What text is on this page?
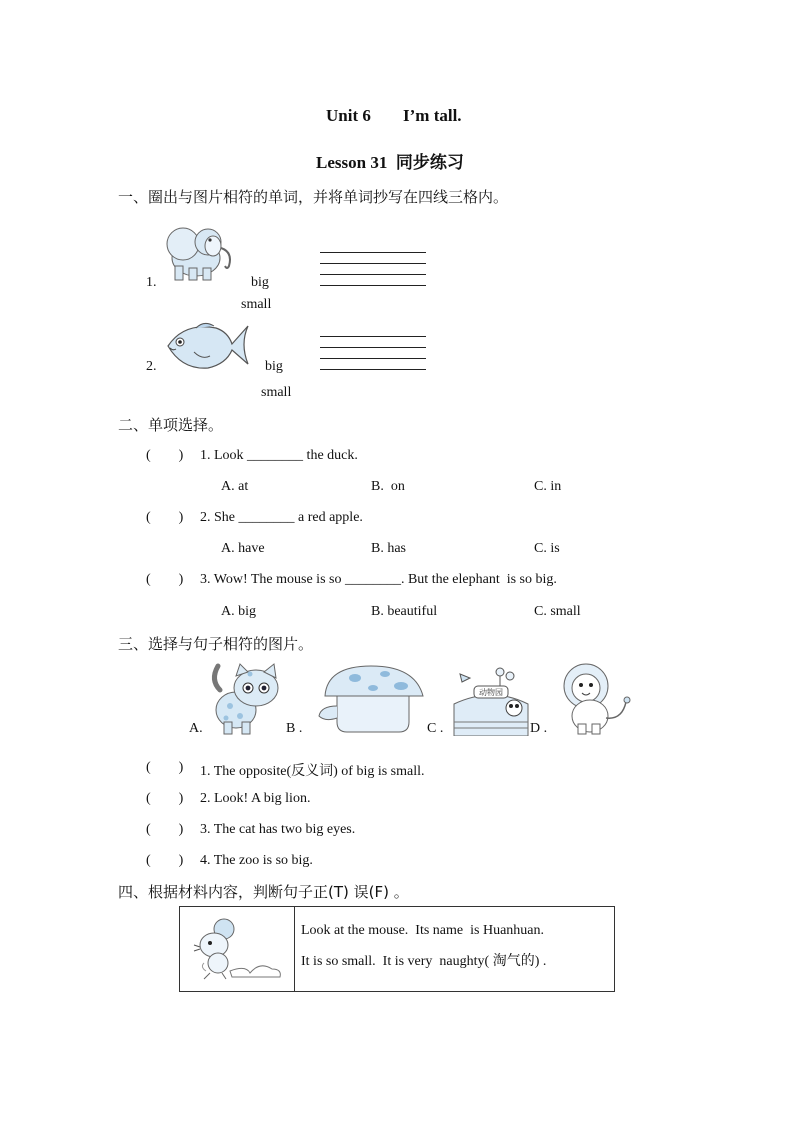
Unit 6 I’m tall.
Lesson 31  同步练习
一、圈出与图片相符的单词，并将单词抄写在四线三格内。
1.	big
small
2.	big
small
二、单项选择。
(        ) 1. Look ________ the duck.
A. at	B.  on	C. in
(        ) 2. She ________ a red apple.
A. have	B. has	C. is
(        ) 3. Wow! The mouse is so ________. But the elephant  is so big.
A. big	B. beautiful	C. small
三、选择与句子相符的图片。
A.	B .
动物园
C .	D .
(        ) 1. The opposite(反义词) of big is small.
(        ) 2. Look! A big lion.
(        ) 3. The cat has two big eyes.
(        ) 4. The zoo is so big.
四、根据材料内容，判断句子正(T) 误(F) 。
Look at the mouse.  Its name  is Huanhuan.
It is so small.  It is very  naughty( 淘气的) .
